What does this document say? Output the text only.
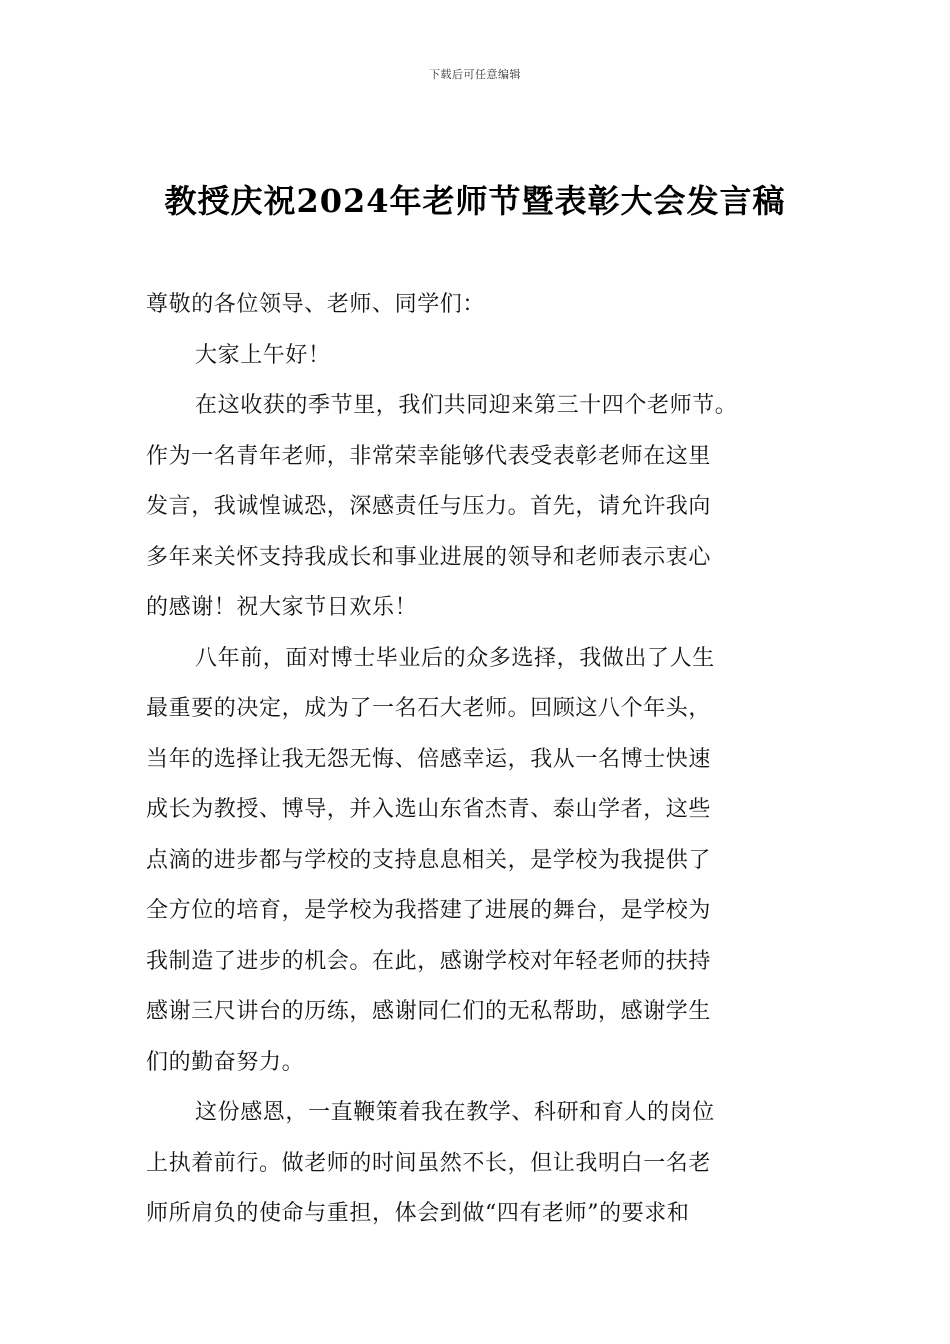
下载后可任意编辑
教授庆祝2024年老师节暨表彰大会发言稿
尊敬的各位领导、老师、同学们：
大家上午好！
在这收获的季节里，我们共同迎来第三十四个老师节。
作为一名青年老师，非常荣幸能够代表受表彰老师在这里
发言，我诚惶诚恐，深感责任与压力。首先，请允许我向
多年来关怀支持我成长和事业进展的领导和老师表示衷心
的感谢！祝大家节日欢乐！
八年前，面对博士毕业后的众多选择，我做出了人生
最重要的决定，成为了一名石大老师。回顾这八个年头，
当年的选择让我无怨无悔、倍感幸运，我从一名博士快速
成长为教授、博导，并入选山东省杰青、泰山学者，这些
点滴的进步都与学校的支持息息相关，是学校为我提供了
全方位的培育，是学校为我搭建了进展的舞台，是学校为
我制造了进步的机会。在此，感谢学校对年轻老师的扶持
感谢三尺讲台的历练，感谢同仁们的无私帮助，感谢学生
们的勤奋努力。
这份感恩，一直鞭策着我在教学、科研和育人的岗位
上执着前行。做老师的时间虽然不长，但让我明白一名老
师所肩负的使命与重担，体会到做“四有老师”的要求和
